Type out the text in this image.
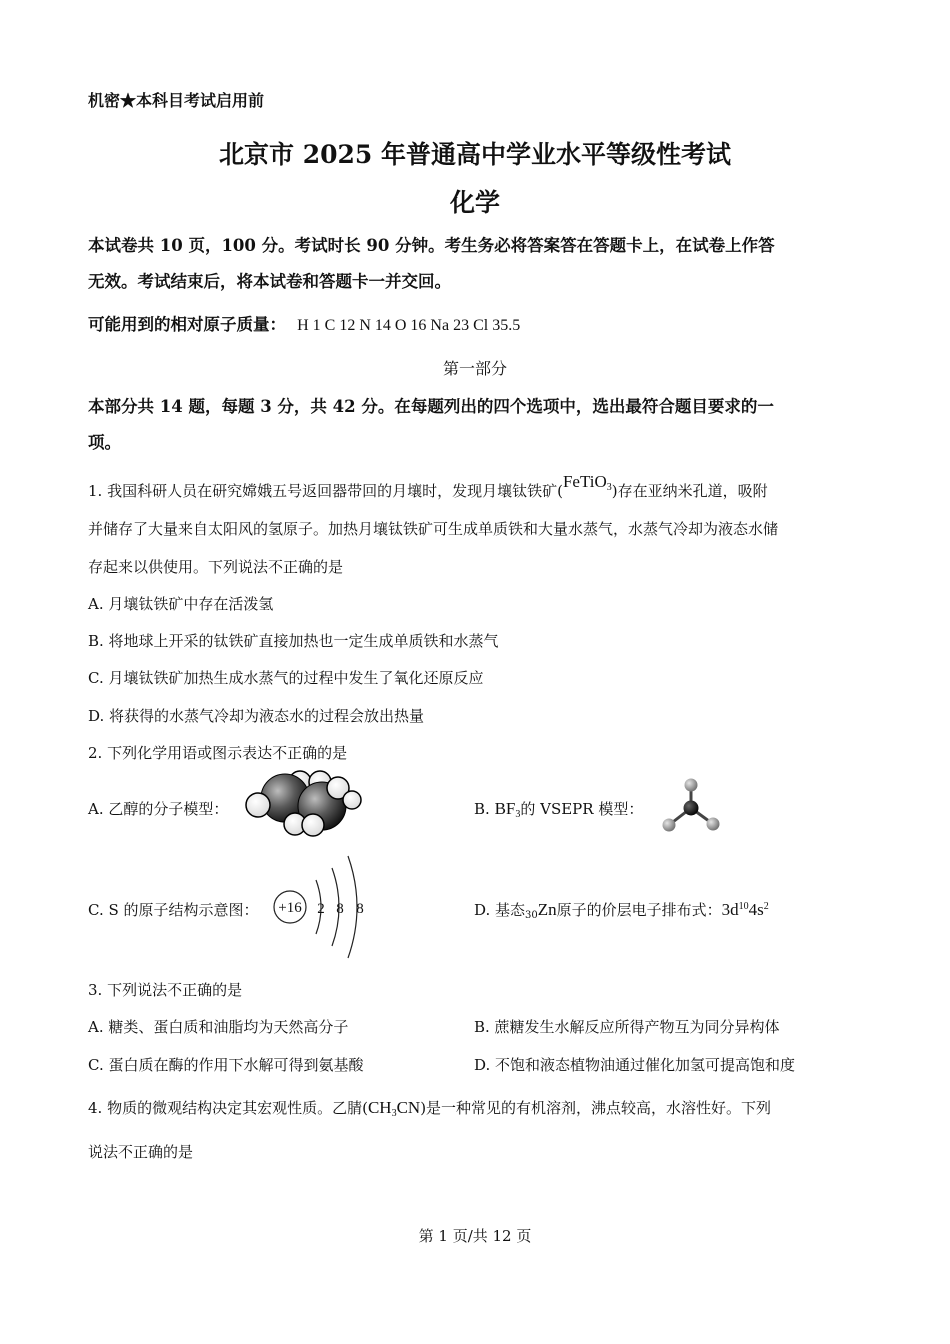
机密★本科目考试启用前
北京市 2025 年普通高中学业水平等级性考试
化学
本试卷共 10 页，100 分。考试时长 90 分钟。考生务必将答案答在答题卡上，在试卷上作答
无效。考试结束后，将本试卷和答题卡一并交回。
可能用到的相对原子质量： H 1 C 12 N 14 O 16 Na 23 Cl 35.5
第一部分
本部分共 14 题，每题 3 分，共 42 分。在每题列出的四个选项中，选出最符合题目要求的一
项。
1. 我国科研人员在研究嫦娥五号返回器带回的月壤时，发现月壤钛铁矿(FeTiO$_3$)存在亚纳米孔道，吸附
并储存了大量来自太阳风的氢原子。加热月壤钛铁矿可生成单质铁和大量水蒸气，水蒸气冷却为液态水储
存起来以供使用。下列说法不正确的是
A. 月壤钛铁矿中存在活泼氢
B. 将地球上开采的钛铁矿直接加热也一定生成单质铁和水蒸气
C. 月壤钛铁矿加热生成水蒸气的过程中发生了氧化还原反应
D. 将获得的水蒸气冷却为液态水的过程会放出热量
2. 下列化学用语或图示表达不正确的是
A. 乙醇的分子模型：	B. $BF_3$的 VSEPR 模型：
C. S 的原子结构示意图： +16 2 8 8	D. 基态$_{30}$Zn原子的价层电子排布式：$3d^{10}4s^2$
3. 下列说法不正确的是
A. 糖类、蛋白质和油脂均为天然高分子	B. 蔗糖发生水解反应所得产物互为同分异构体
C. 蛋白质在酶的作用下水解可得到氨基酸	D. 不饱和液态植物油通过催化加氢可提高饱和度
4. 物质的微观结构决定其宏观性质。乙腈$(CH_3CN)$是一种常见的有机溶剂，沸点较高，水溶性好。下列
说法不正确的是
第 1 页/共 12 页
